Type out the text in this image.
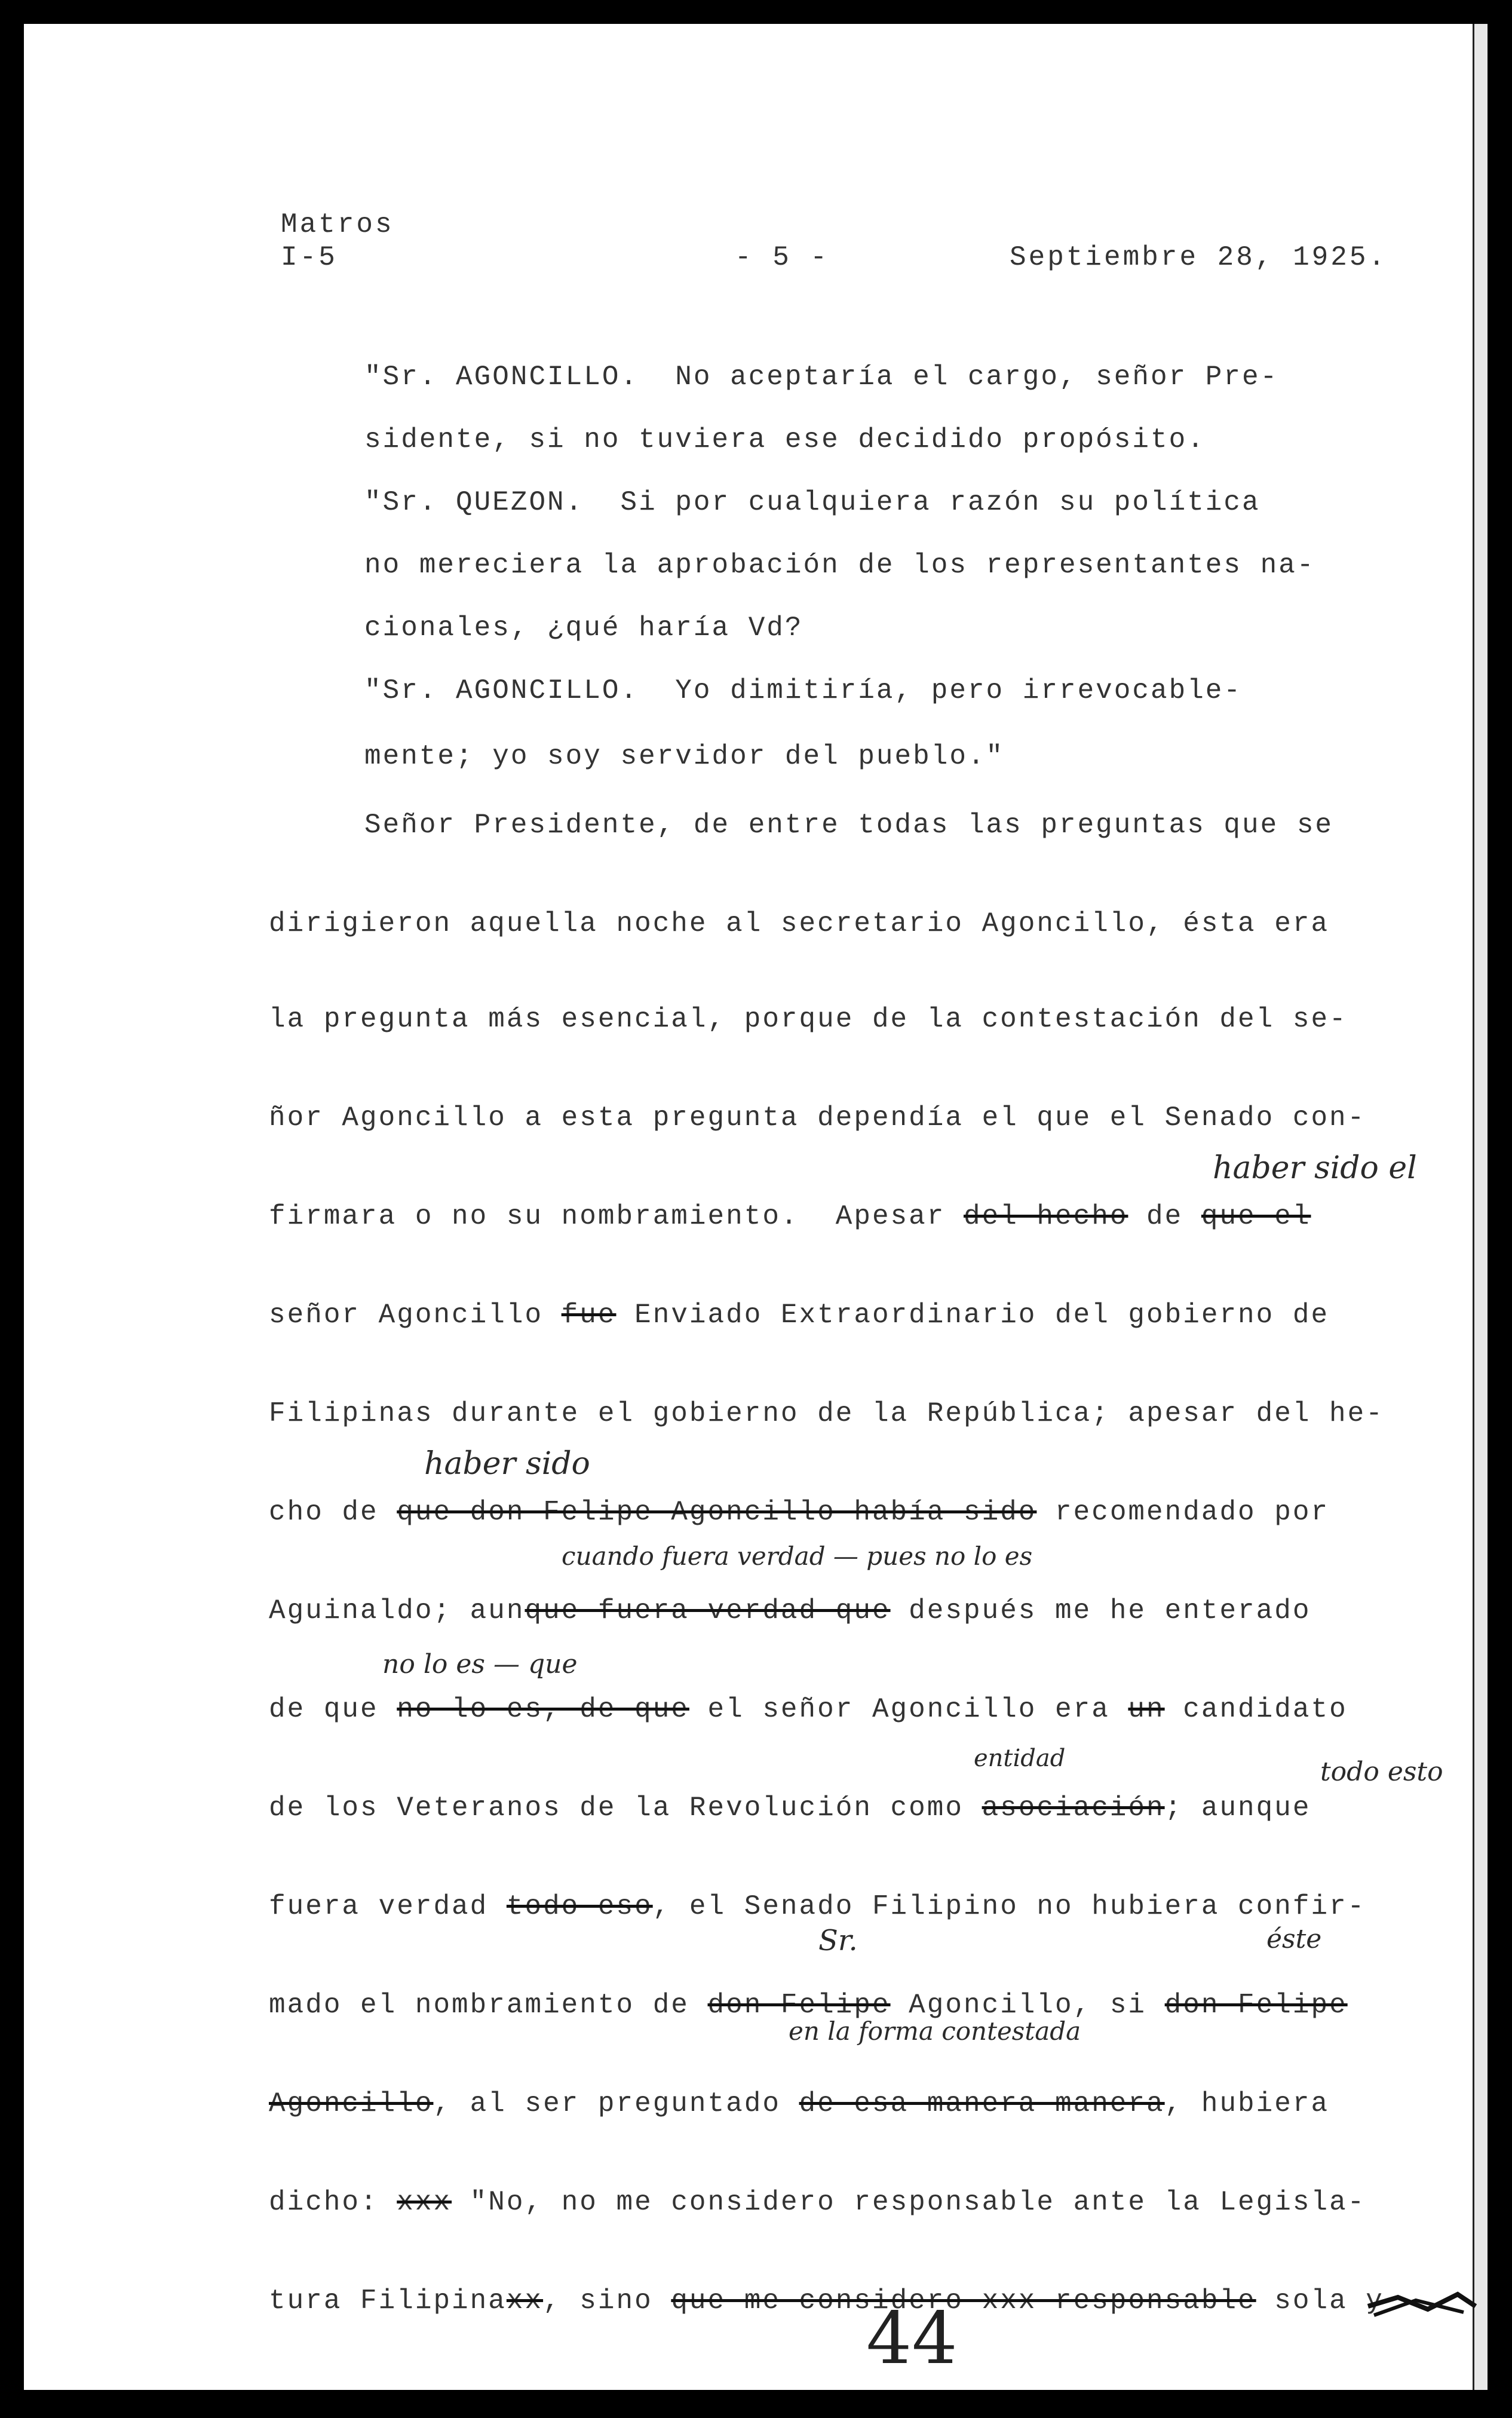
Matros
I-5	- 5 -	Septiembre 28, 1925.
"Sr. AGONCILLO.  No aceptaría el cargo, señor Pre-
sidente, si no tuviera ese decidido propósito.
"Sr. QUEZON.  Si por cualquiera razón su política
no mereciera la aprobación de los representantes na-
cionales, ¿qué haría Vd?
"Sr. AGONCILLO.  Yo dimitiría, pero irrevocable-
mente; yo soy servidor del pueblo."
Señor Presidente, de entre todas las preguntas que se
dirigieron aquella noche al secretario Agoncillo, ésta era
la pregunta más esencial, porque de la contestación del se-
ñor Agoncillo a esta pregunta dependía el que el Senado con-
firmara o no su nombramiento.  Apesar del hecho de que el
señor Agoncillo fue Enviado Extraordinario del gobierno de
Filipinas durante el gobierno de la República; apesar del he-
cho de que don Felipe Agoncillo había sido recomendado por
Aguinaldo; aunque fuera verdad que después me he enterado
de que no lo es, de que el señor Agoncillo era un candidato
de los Veteranos de la Revolución como asociación; aunque
fuera verdad todo eso, el Senado Filipino no hubiera confir-
mado el nombramiento de don Felipe Agoncillo, si don Felipe
Agoncillo, al ser preguntado de esa manera manera, hubiera
dicho: xxx "No, no me considero responsable ante la Legisla-
tura Filipinaxx, sino que me considero xxx responsable sola y
haber sido el
haber sido
cuando fuera verdad — pues no lo es
no lo es — que
entidad	todo esto
Sr.	éste
en la forma contestada
44
